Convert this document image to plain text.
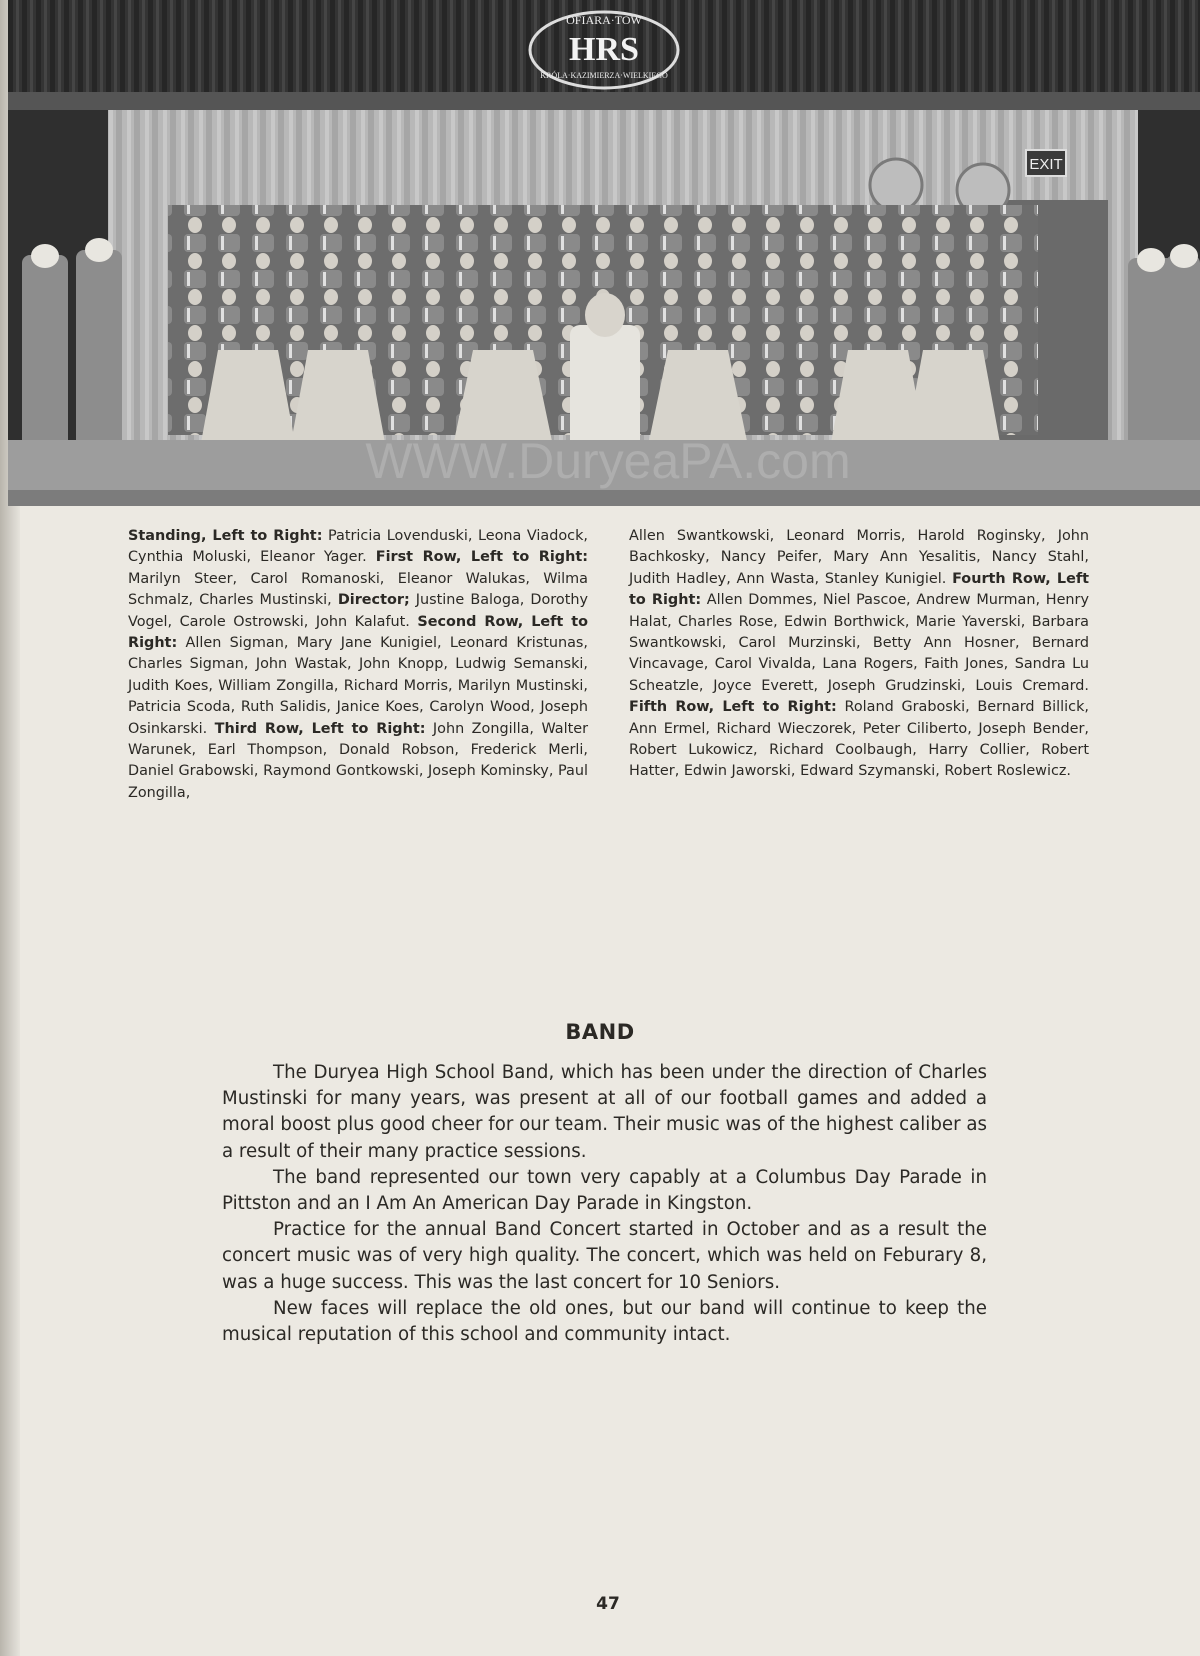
EXIT
OFIARA·TOW
HRS
KRÓLA·KAZIMIERZA·WIELKIEGO
WWW.DuryeaPA.com
Standing, Left to Right: Patricia Lovenduski, Leona Viadock, Cynthia Moluski, Eleanor Yager. First Row, Left to Right: Marilyn Steer, Carol Romanoski, Eleanor Walukas, Wilma Schmalz, Charles Mustinski, Director; Justine Baloga, Dorothy Vogel, Carole Ostrowski, John Kalafut. Second Row, Left to Right: Allen Sigman, Mary Jane Kunigiel, Leonard Kristunas, Charles Sigman, John Wastak, John Knopp, Ludwig Semanski, Judith Koes, William Zongilla, Richard Morris, Marilyn Mustinski, Patricia Scoda, Ruth Salidis, Janice Koes, Carolyn Wood, Joseph Osinkarski. Third Row, Left to Right: John Zongilla, Walter Warunek, Earl Thompson, Donald Robson, Frederick Merli, Daniel Grabowski, Raymond Gontkowski, Joseph Kominsky, Paul Zongilla,
Allen Swantkowski, Leonard Morris, Harold Roginsky, John Bachkosky, Nancy Peifer, Mary Ann Yesalitis, Nancy Stahl, Judith Hadley, Ann Wasta, Stanley Kunigiel. Fourth Row, Left to Right: Allen Dommes, Niel Pascoe, Andrew Murman, Henry Halat, Charles Rose, Edwin Borthwick, Marie Yaverski, Barbara Swantkowski, Carol Murzinski, Betty Ann Hosner, Bernard Vincavage, Carol Vivalda, Lana Rogers, Faith Jones, Sandra Lu Scheatzle, Joyce Everett, Joseph Grudzinski, Louis Cremard. Fifth Row, Left to Right: Roland Graboski, Bernard Billick, Ann Ermel, Richard Wieczorek, Peter Ciliberto, Joseph Bender, Robert Lukowicz, Richard Coolbaugh, Harry Collier, Robert Hatter, Edwin Jaworski, Edward Szymanski, Robert Roslewicz.
BAND

The Duryea High School Band, which has been under the direction of Charles Mustinski for many years, was present at all of our football games and added a moral boost plus good cheer for our team. Their music was of the highest caliber as a result of their many practice sessions.

The band represented our town very capably at a Columbus Day Parade in Pittston and an I Am An American Day Parade in Kingston.

Practice for the annual Band Concert started in October and as a result the concert music was of very high quality. The concert, which was held on Feburary 8, was a huge success. This was the last concert for 10 Seniors.

New faces will replace the old ones, but our band will continue to keep the musical reputation of this school and community intact.

47
